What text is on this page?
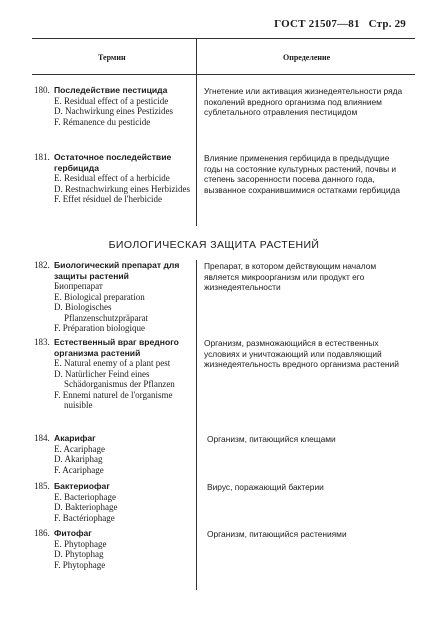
ГОСТ 21507—81 Стр. 29
Термин	Определение
180. Последействие пестицида
E. Residual effect of a pesticide
D. Nachwirkung eines Pestizides
F. Rémanence du pesticide
Угнетение или активация жизнедеятельности ряда поколений вредного организма под влиянием сублетального отравления пестицидом
181. Остаточное последействие
гербицида
E. Residual effect of a herbicide
D. Restnachwirkung eines Herbizides
F. Effet résiduel de l'herbicide
Влияние применения гербицида в предыдущие годы на состояние культурных растений, почвы и степень засоренности посева данного года, вызванное сохранившимися остатками гербицида
БИОЛОГИЧЕСКАЯ ЗАЩИТА РАСТЕНИЙ
182. Биологический препарат для
защиты растений
Биопрепарат
E. Biological preparation
D. Biologisches Pflanzenschutzpräparat
F. Préparation biologique
Препарат, в котором действующим началом является микроорганизм или продукт его жизнедеятельности
183. Естественный враг вредного
организма растений
E. Natural enemy of a plant pest
D. Natürlicher Feind eines Schädorganismus der Pflanzen
F. Ennemi naturel de l'organisme nuisible
Организм, размножающийся в естественных условиях и уничтожающий или подавляющий жизнедеятельность вредного организма растений
184. Акарифаг
E. Acariphage
D. Akariphag
F. Acariphage
Организм, питающийся клещами
185. Бактериофаг
E. Bacteriophage
D. Bakteriophage
F. Bactériophage
Вирус, поражающий бактерии
186. Фитофаг
E. Phytophage
D. Phytophag
F. Phytophage
Организм, питающийся растениями
